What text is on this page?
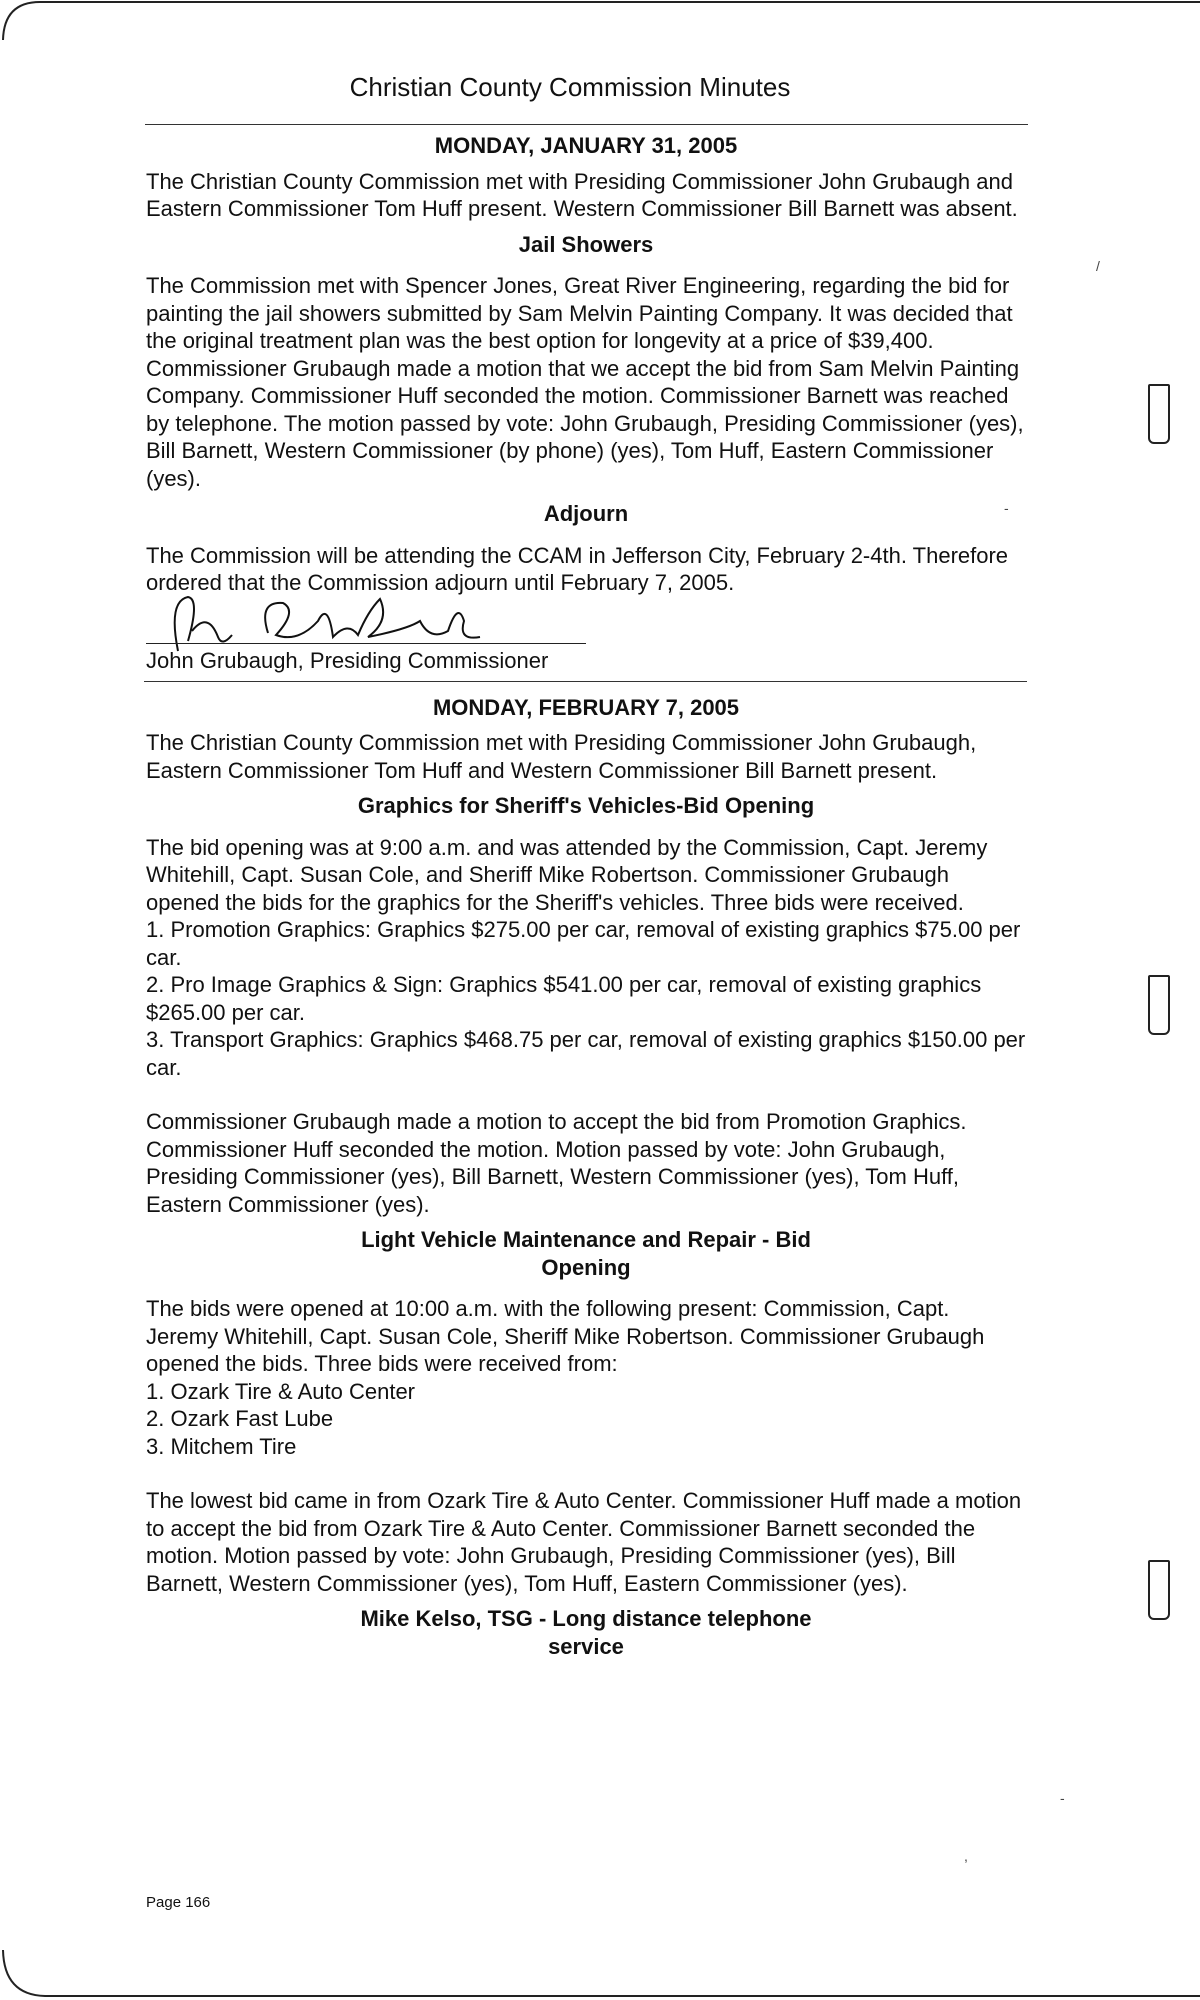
Christian County Commission Minutes
MONDAY, JANUARY 31, 2005

The Christian County Commission met with Presiding Commissioner John Grubaugh and Eastern Commissioner Tom Huff present. Western Commissioner Bill Barnett was absent.

Jail Showers

The Commission met with Spencer Jones, Great River Engineering, regarding the bid for painting the jail showers submitted by Sam Melvin Painting Company. It was decided that the original treatment plan was the best option for longevity at a price of $39,400. Commissioner Grubaugh made a motion that we accept the bid from Sam Melvin Painting Company. Commissioner Huff seconded the motion. Commissioner Barnett was reached by telephone. The motion passed by vote: John Grubaugh, Presiding Commissioner (yes), Bill Barnett, Western Commissioner (by phone) (yes), Tom Huff, Eastern Commissioner (yes).

Adjourn

The Commission will be attending the CCAM in Jefferson City, February 2-4th. Therefore ordered that the Commission adjourn until February 7, 2005.

John Grubaugh, Presiding Commissioner
MONDAY, FEBRUARY 7, 2005

The Christian County Commission met with Presiding Commissioner John Grubaugh, Eastern Commissioner Tom Huff and Western Commissioner Bill Barnett present.

Graphics for Sheriff's Vehicles-Bid Opening

The bid opening was at 9:00 a.m. and was attended by the Commission, Capt. Jeremy Whitehill, Capt. Susan Cole, and Sheriff Mike Robertson. Commissioner Grubaugh opened the bids for the graphics for the Sheriff's vehicles. Three bids were received.

1. Promotion Graphics: Graphics $275.00 per car, removal of existing graphics $75.00 per car.
2. Pro Image Graphics & Sign: Graphics $541.00 per car, removal of existing graphics $265.00 per car.
3. Transport Graphics: Graphics $468.75 per car, removal of existing graphics $150.00 per car.

Commissioner Grubaugh made a motion to accept the bid from Promotion Graphics. Commissioner Huff seconded the motion. Motion passed by vote: John Grubaugh, Presiding Commissioner (yes), Bill Barnett, Western Commissioner (yes), Tom Huff, Eastern Commissioner (yes).

Light Vehicle Maintenance and Repair - Bid Opening

The bids were opened at 10:00 a.m. with the following present: Commission, Capt. Jeremy Whitehill, Capt. Susan Cole, Sheriff Mike Robertson. Commissioner Grubaugh opened the bids. Three bids were received from:

1. Ozark Tire & Auto Center
2. Ozark Fast Lube
3. Mitchem Tire

The lowest bid came in from Ozark Tire & Auto Center. Commissioner Huff made a motion to accept the bid from Ozark Tire & Auto Center. Commissioner Barnett seconded the motion. Motion passed by vote: John Grubaugh, Presiding Commissioner (yes), Bill Barnett, Western Commissioner (yes), Tom Huff, Eastern Commissioner (yes).

Mike Kelso, TSG - Long distance telephone service
/
-
-
,
Page 166
